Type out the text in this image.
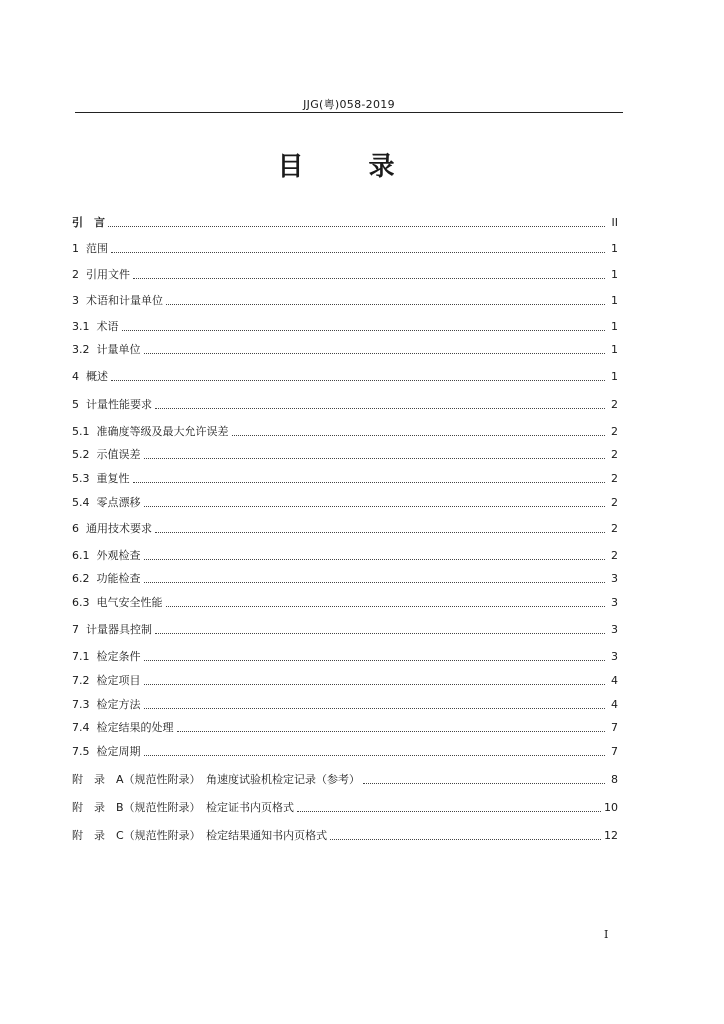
JJG(粤)058-2019
目 录
引　言	II
1  范围	1
2  引用文件	1
3  术语和计量单位	1
3.1  术语	1
3.2  计量单位	1
4  概述	1
5  计量性能要求	2
5.1  准确度等级及最大允许误差	2
5.2  示值误差	2
5.3  重复性	2
5.4  零点漂移	2
6  通用技术要求	2
6.1  外观检查	2
6.2  功能检查	3
6.3  电气安全性能	3
7  计量器具控制	3
7.1  检定条件	3
7.2  检定项目	4
7.3  检定方法	4
7.4  检定结果的处理	7
7.5  检定周期	7
附　录　A（规范性附录）　角速度试验机检定记录（参考）	8
附　录　B（规范性附录）　检定证书内页格式	10
附　录　C（规范性附录）　检定结果通知书内页格式	12
I
